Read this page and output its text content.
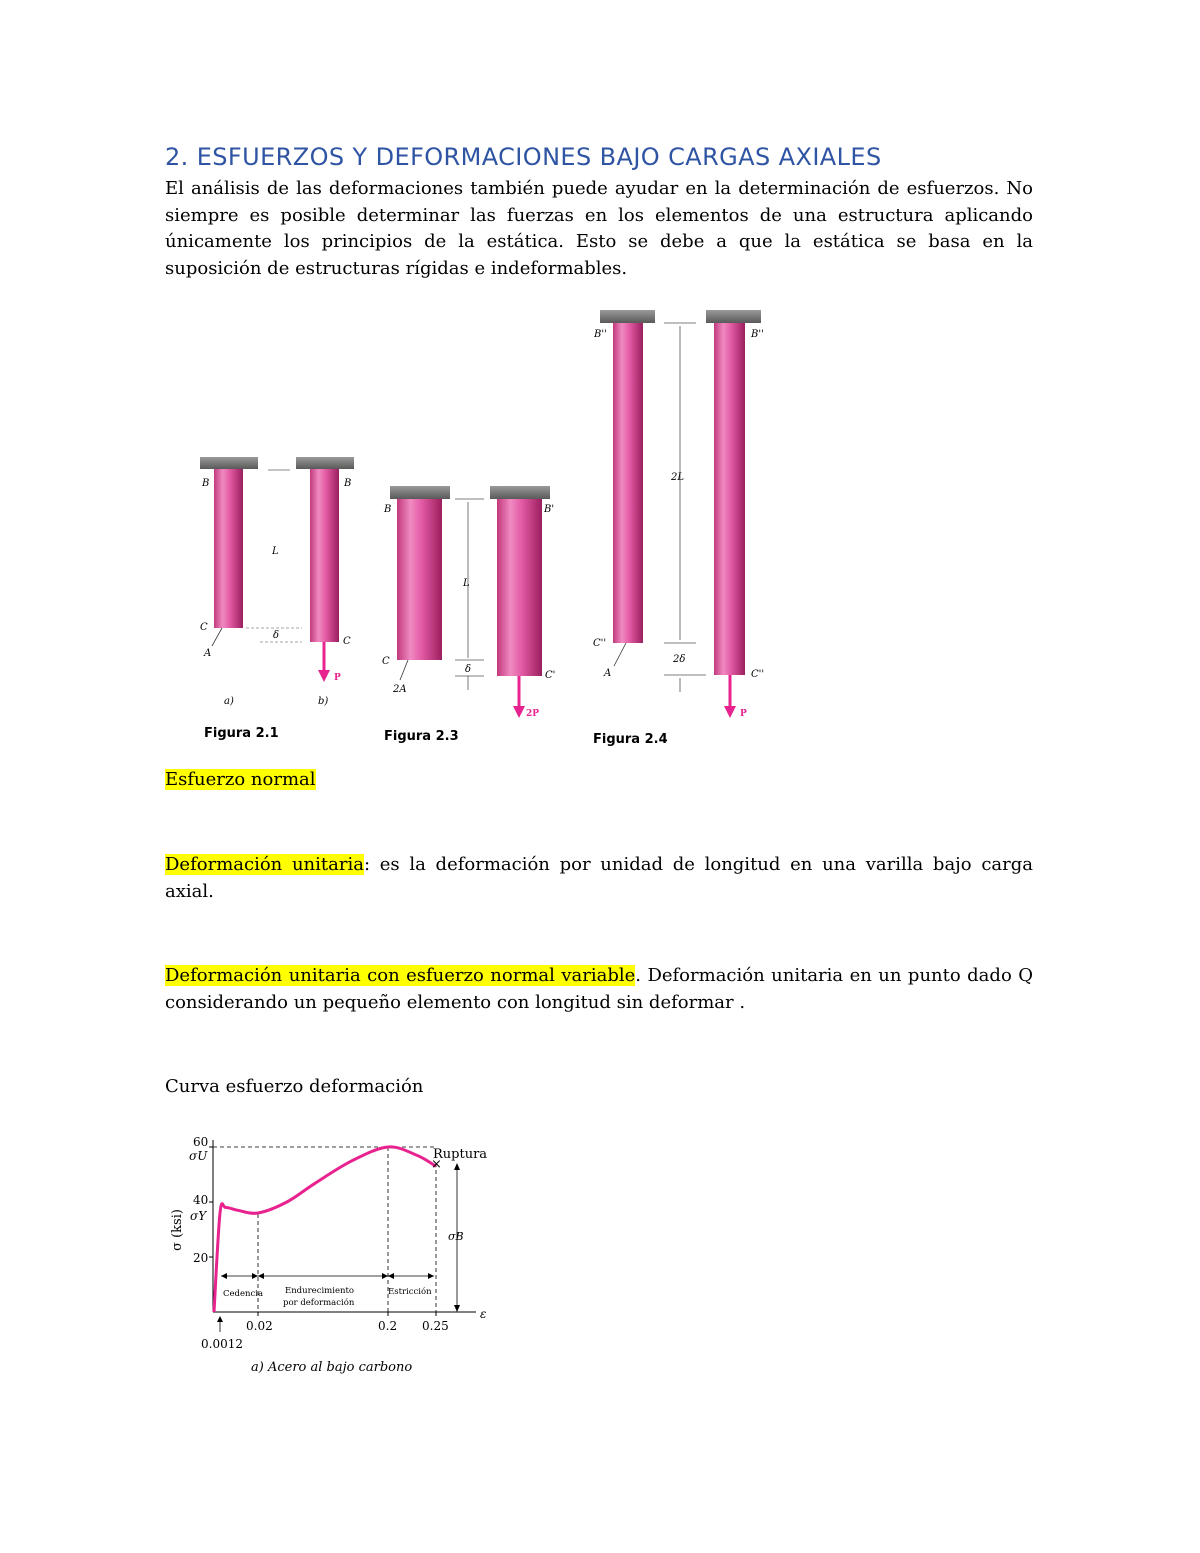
2. ESFUERZOS Y DEFORMACIONES BAJO CARGAS AXIALES

El análisis de las deformaciones también puede ayudar en la determinación de esfuerzos. No siempre es posible determinar las fuerzas en los elementos de una estructura aplicando únicamente los principios de la estática. Esto se debe a que la estática se basa en la suposición de estructuras rígidas e indeformables.

B	B
C
C
A
L
δ
P
a)	b)
Figura 2.1
B	B'
C
C'
2A
L
δ
2P
Figura 2.3
B''	B''
C''
C''
A
2L
2δ
P
Figura 2.4

Esfuerzo normal

Deformación unitaria: es la deformación por unidad de longitud en una varilla bajo carga axial.

Deformación unitaria con esfuerzo normal variable. Deformación unitaria en un punto dado Q considerando un pequeño elemento con longitud sin deformar .

Curva esfuerzo deformación

σ (ksi)
ε
60
σU
40
σY
20
Cedencia	Endurecimiento
por deformación
Estricción
σB
×
Ruptura
0.02	0.2 0.25
0.0012
a) Acero al bajo carbono
